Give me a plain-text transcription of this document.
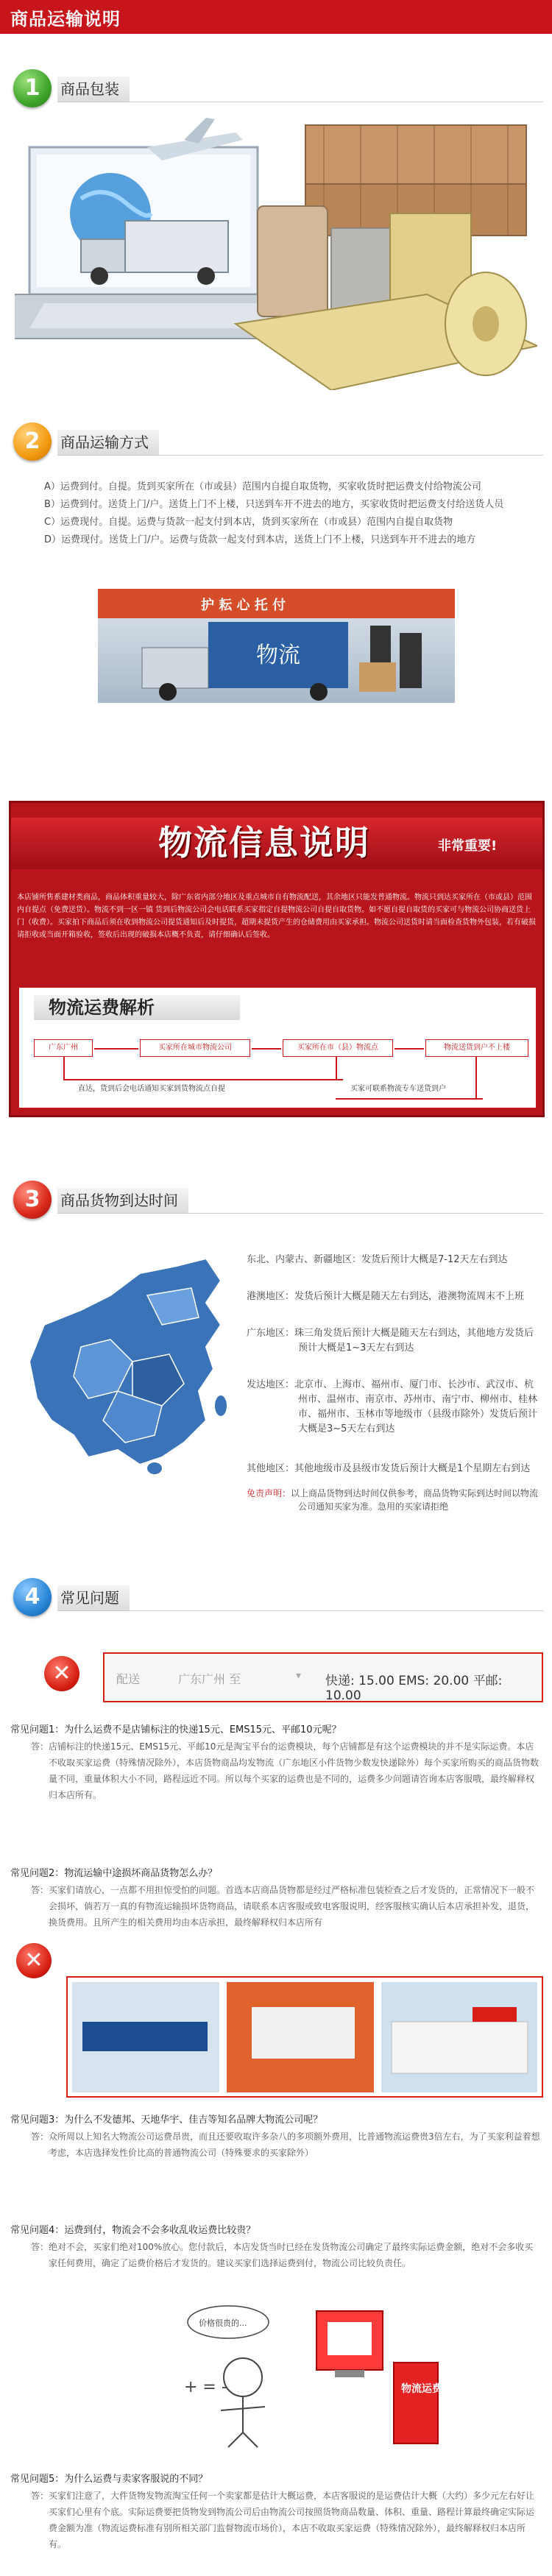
商品运输说明
1	商品包装
2	商品运输方式
A）运费到付。自提。货到买家所在（市或县）范围内自提自取货物，买家收货时把运费支付给物流公司
B）运费到付。送货上门/户。送货上门不上楼，只送到车开不进去的地方，买家收货时把运费支付给送货人员
C）运费现付。自提。运费与货款一起支付到本店，货到买家所在（市或县）范围内自提自取货物
D）运费现付。送货上门/户。运费与货款一起支付到本店，送货上门不上楼，只送到车开不进去的地方
护 耘 心 托 付
物流
物流信息说明	非常重要!
本店铺所售系建材类商品，商品体积重量较大，除广东省内部分地区及重点城市自有物流配送，其余地区只能发普通物流。物流只到达买家所在（市或县）范围内自提点（免费送货）。物流不到一区一镇 货到后物流公司会电话联系买家指定自提物流公司自提自取货物。如不愿自提自取货的买家可与物流公司协商送货上门（收费）。买家拍下商品后须在收到物流公司提货通知后及时提货，超期未提货产生的仓储费用由买家承担。物流公司送货时请当面检查货物外包装，若有破损请拒收或当面开箱验收，签收后出现的破损本店概不负责，请仔细确认后签收。
物流运费解析
广东广州	买家所在城市物流公司	买家所在市（县）物流点	物流送货到户不上楼
直达，货到后会电话通知买家到货物流点自提	买家可联系物流专车送货到户
3	商品货物到达时间
东北、内蒙古、新疆地区：发货后预计大概是7-12天左右到达
港澳地区：发货后预计大概是随天左右到达，港澳物流周末不上班
广东地区：珠三角发货后预计大概是随天左右到达，其他地方发货后预计大概是1~3天左右到达
发达地区：北京市、上海市、福州市、厦门市、长沙市、武汉市、杭州市、温州市、南京市、苏州市、南宁市、柳州市、桂林市、福州市、玉林市等地级市（县级市除外）发货后预计大概是3~5天左右到达
其他地区：其他地级市及县级市发货后预计大概是1个星期左右到达
免责声明：以上商品货物到达时间仅供参考，商品货物实际到达时间以物流公司通知买家为准。急用的买家请拒绝
4	常见问题
✕	配送	广东广州 至	▾ 快递: 15.00 EMS: 20.00 平邮: 10.00
常见问题1：为什么运费不是店铺标注的快递15元、EMS15元、平邮10元呢？
答：店铺标注的快递15元、EMS15元、平邮10元是淘宝平台的运费模块，每个店铺都是有这个运费模块的并不是实际运费。本店不收取买家运费（特殊情况除外），本店货物商品均发物流（广东地区小件货物少数发快递除外）每个买家所购买的商品货物数量不同，重量体积大小不同，路程远近不同。所以每个买家的运费也是不同的，运费多少问题请咨询本店客服哦，最终解释权归本店所有。
常见问题2：物流运输中途损坏商品货物怎么办？
答：买家们请放心，一点都不用担惊受怕的问题。首选本店商品货物都是经过严格标准包装检查之后才发货的，正常情况下一般不会损坏，倘若万一真的有物流运输损坏货物商品，请联系本店客服或致电客服说明，经客服核实确认后本店承担补发，退货，换货费用。且所产生的相关费用均由本店承担，最终解释权归本店所有
✕
常见问题3：为什么不发德邦、天地华宇、佳吉等知名品牌大物流公司呢？
答：众所周以上知名大物流公司运费昂贵，而且还要收取许多杂八的多项额外费用，比普通物流运费贵3倍左右，为了买家利益着想考虑，本店选择发性价比高的普通物流公司（特殊要求的买家除外）
常见问题4：运费到付，物流会不会多收乱收运费比较贵？
答：绝对不会，买家们绝对100%放心。您付款后，本店发货当时已经在发货物流公司确定了最终实际运费金额，绝对不会多收买家任何费用，确定了运费价格后才发货的。建议买家们选择运费到付，物流公司比较负责任。
价格很贵的...
+ = -	物流运费
常见问题5：为什么运费与卖家客服说的不同？
答：买家们注意了，大件货物发物流淘宝任何一个卖家都是估计大概运费，本店客服说的是运费估计大概（大约）多少元左右好让买家们心里有个底。实际运费要把货物发到物流公司后由物流公司按照货物商品数量、体积、重量、路程计算最终确定实际运费金额为准（物流运费标准有别所相关部门监督物流市场价），本店不收取买家运费（特殊情况除外），最终解释权归本店所有。
